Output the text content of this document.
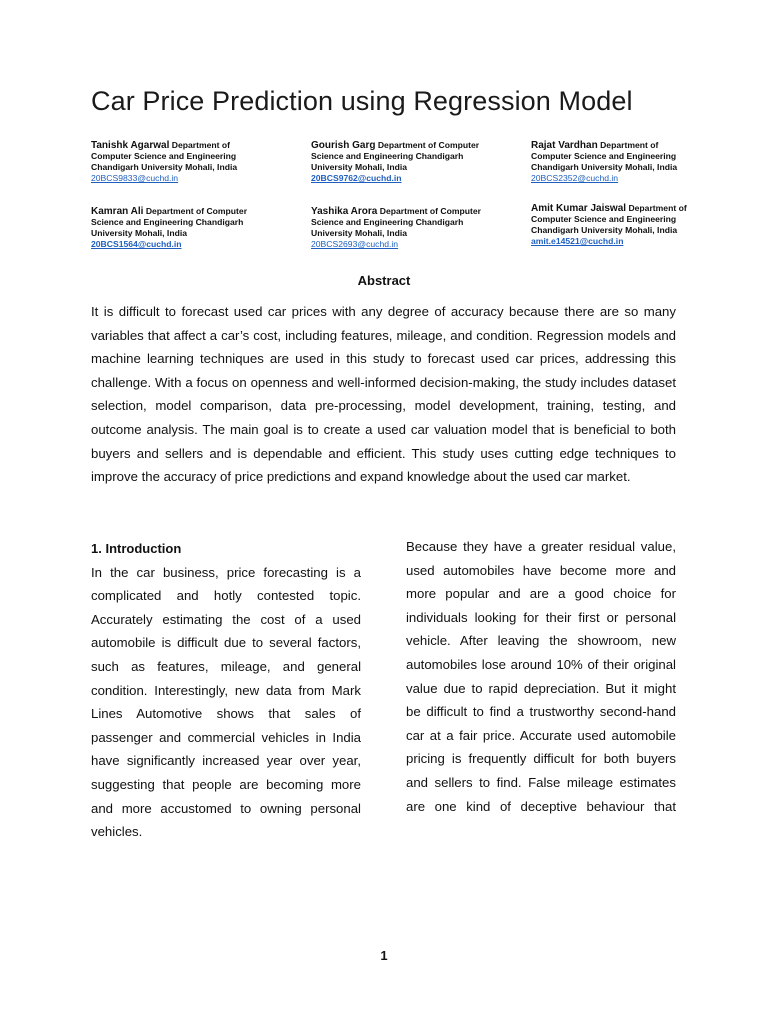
Car Price Prediction using Regression Model
Tanishk Agarwal Department of Computer Science and Engineering Chandigarh University Mohali, India
20BCS9833@cuchd.in
Gourish Garg Department of Computer Science and Engineering Chandigarh University Mohali, India
20BCS9762@cuchd.in
Rajat Vardhan Department of Computer Science and Engineering Chandigarh University Mohali, India
20BCS2352@cuchd.in
Kamran Ali Department of Computer Science and Engineering Chandigarh University Mohali, India
20BCS1564@cuchd.in
Yashika Arora Department of Computer Science and Engineering Chandigarh University Mohali, India
20BCS2693@cuchd.in
Amit Kumar Jaiswal Department of Computer Science and Engineering Chandigarh University Mohali, India amit.e14521@cuchd.in
Abstract
It is difficult to forecast used car prices with any degree of accuracy because there are so many variables that affect a car’s cost, including features, mileage, and condition. Regression models and machine learning techniques are used in this study to forecast used car prices, addressing this challenge. With a focus on openness and well-informed decision-making, the study includes dataset selection, model comparison, data pre-processing, model development, training, testing, and outcome analysis. The main goal is to create a used car valuation model that is beneficial to both buyers and sellers and is dependable and efficient. This study uses cutting edge techniques to improve the accuracy of price predictions and expand knowledge about the used car market.
1. Introduction
In the car business, price forecasting is a complicated and hotly contested topic. Accurately estimating the cost of a used automobile is difficult due to several factors, such as features, mileage, and general condition. Interestingly, new data from Mark Lines Automotive shows that sales of passenger and commercial vehicles in India have significantly increased year over year, suggesting that people are becoming more and more accustomed to owning personal vehicles.
Because they have a greater residual value, used automobiles have become more and more popular and are a good choice for individuals looking for their first or personal vehicle. After leaving the showroom, new automobiles lose around 10% of their original value due to rapid depreciation. But it might be difficult to find a trustworthy second-hand car at a fair price. Accurate used automobile pricing is frequently difficult for both buyers and sellers to find. False mileage estimates are one kind of deceptive behaviour that
1
